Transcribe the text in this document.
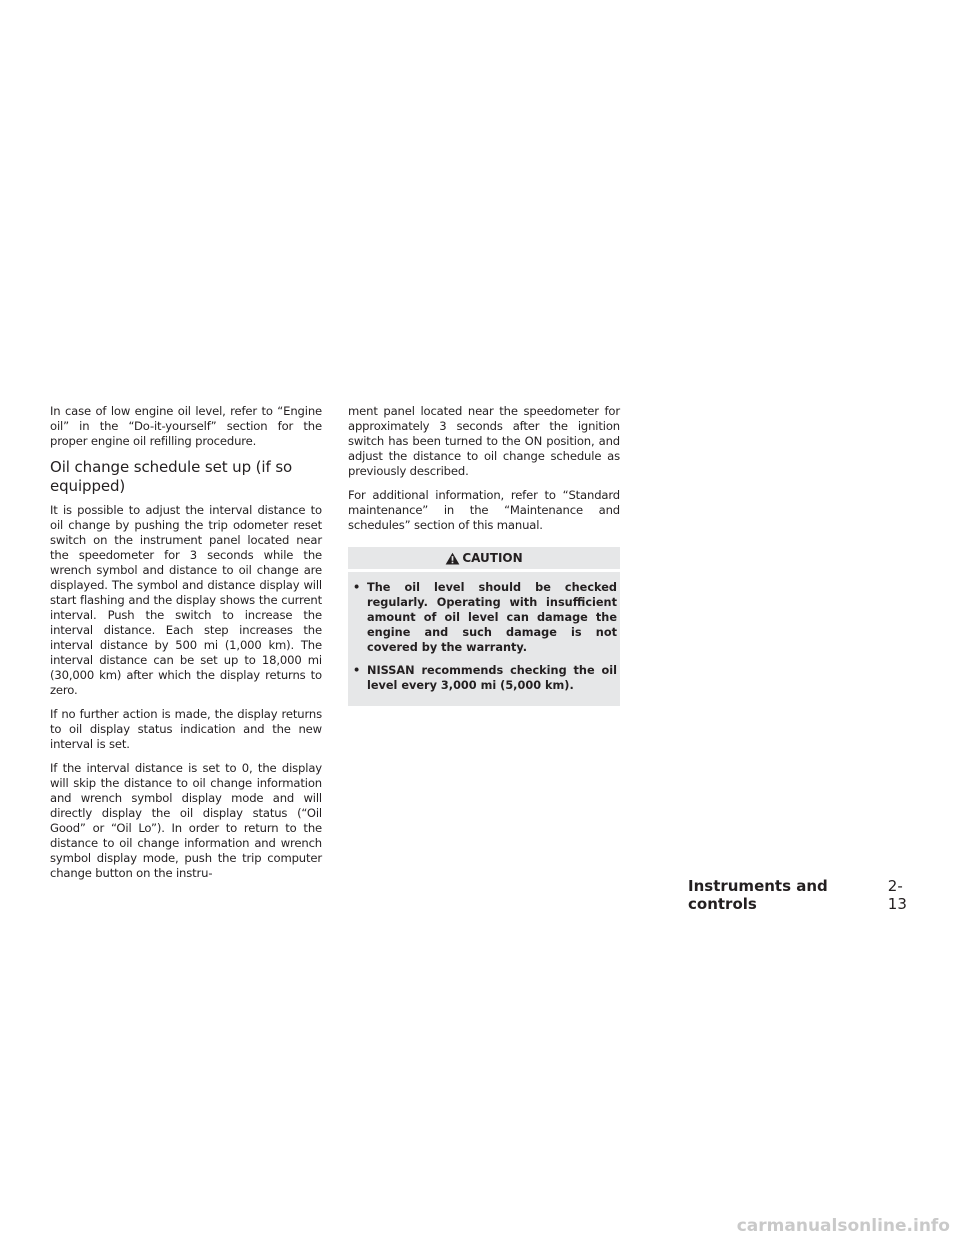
In case of low engine oil level, refer to “Engine oil” in the “Do-it-yourself” section for the proper engine oil refilling procedure.

Oil change schedule set up (if so equipped)

It is possible to adjust the interval distance to oil change by pushing the trip odometer reset switch on the instrument panel located near the speedometer for 3 seconds while the wrench symbol and distance to oil change are displayed. The symbol and distance display will start flashing and the display shows the current interval. Push the switch to increase the interval distance. Each step increases the interval distance by 500 mi (1,000 km). The interval distance can be set up to 18,000 mi (30,000 km) after which the display returns to zero.

If no further action is made, the display returns to oil display status indication and the new interval is set.

If the interval distance is set to 0, the display will skip the distance to oil change information and wrench symbol display mode and will directly display the oil display status (“Oil Good” or “Oil Lo”). In order to return to the distance to oil change information and wrench symbol display mode, push the trip computer change button on the instru-

ment panel located near the speedometer for approximately 3 seconds after the ignition switch has been turned to the ON position, and adjust the distance to oil change schedule as previously described.

For additional information, refer to “Standard maintenance” in the “Maintenance and schedules” section of this manual.

CAUTION
• The oil level should be checked regularly. Operating with insufficient amount of oil level can damage the engine and such damage is not covered by the warranty.
• NISSAN recommends checking the oil level every 3,000 mi (5,000 km).
Instruments and controls
2-13
carmanualsonline.info
